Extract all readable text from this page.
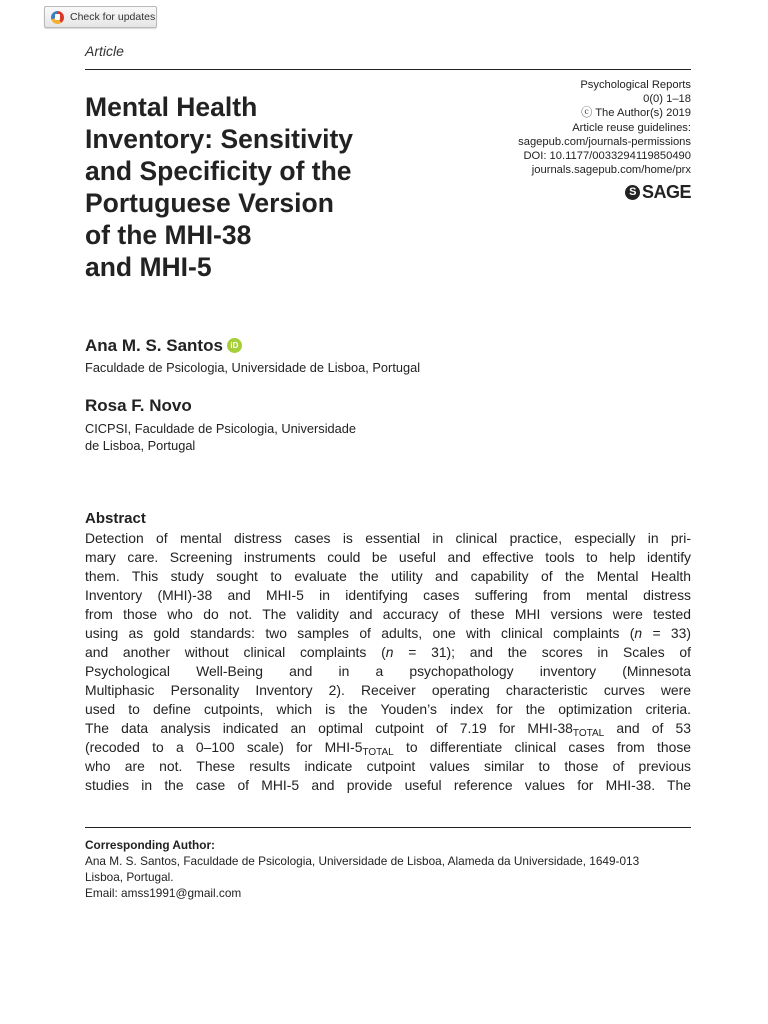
Check for updates
Article
Psychological Reports
0(0) 1–18
ⓒ The Author(s) 2019
Article reuse guidelines:
sagepub.com/journals-permissions
DOI: 10.1177/0033294119850490
journals.sagepub.com/home/prx
S SAGE
Mental Health
Inventory: Sensitivity
and Specificity of the
Portuguese Version
of the MHI-38
and MHI-5
Ana M. S. Santos iD
Faculdade de Psicologia, Universidade de Lisboa, Portugal
Rosa F. Novo
CICPSI, Faculdade de Psicologia, Universidade
de Lisboa, Portugal
Abstract

Detection of mental distress cases is essential in clinical practice, especially in pri-
mary care. Screening instruments could be useful and effective tools to help identify
them. This study sought to evaluate the utility and capability of the Mental Health
Inventory (MHI)-38 and MHI-5 in identifying cases suffering from mental distress
from those who do not. The validity and accuracy of these MHI versions were tested
using as gold standards: two samples of adults, one with clinical complaints (n = 33)
and another without clinical complaints (n = 31); and the scores in Scales of
Psychological Well-Being and in a psychopathology inventory (Minnesota
Multiphasic Personality Inventory 2). Receiver operating characteristic curves were
used to define cutpoints, which is the Youden’s index for the optimization criteria.
The data analysis indicated an optimal cutpoint of 7.19 for MHI-$38_{TOTAL}$ and of 53
(recoded to a 0–100 scale) for MHI-$5_{TOTAL}$ to differentiate clinical cases from those
who are not. These results indicate cutpoint values similar to those of previous
studies in the case of MHI-5 and provide useful reference values for MHI-38. The

Corresponding Author:
Ana M. S. Santos, Faculdade de Psicologia, Universidade de Lisboa, Alameda da Universidade, 1649-013
Lisboa, Portugal.
Email: amss1991@gmail.com
